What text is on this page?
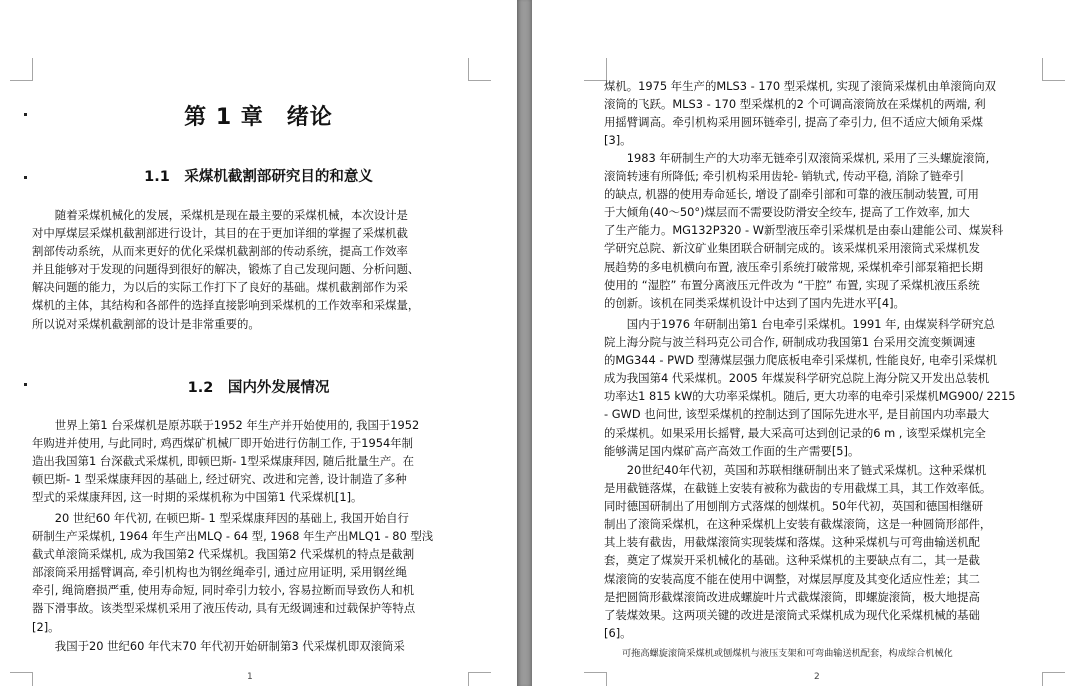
第 1 章　绪论
1.1　采煤机截割部研究目的和意义
随着采煤机械化的发展，采煤机是现在最主要的采煤机械，本次设计是
对中厚煤层采煤机截割部进行设计，其目的在于更加详细的掌握了采煤机截
割部传动系统，从而来更好的优化采煤机截割部的传动系统，提高工作效率
并且能够对于发现的问题得到很好的解决，锻炼了自己发现问题、分析问题、
解决问题的能力，为以后的实际工作打下了良好的基础。煤机截割部作为采
煤机的主体，其结构和各部件的选择直接影响到采煤机的工作效率和采煤量，
所以说对采煤机截割部的设计是非常重要的。
1.2　国内外发展情况
世界上第1 台采煤机是原苏联于1952 年生产并开始使用的, 我国于1952
年购进并使用, 与此同时, 鸡西煤矿机械厂即开始进行仿制工作, 于1954年制
造出我国第1 台深截式采煤机, 即顿巴斯- 1型采煤康拜因, 随后批量生产。在
顿巴斯- 1 型采煤康拜因的基础上, 经过研究、改进和完善, 设计制造了多种
型式的采煤康拜因, 这一时期的采煤机称为中国第1 代采煤机[1]。
20 世纪60 年代初, 在顿巴斯- 1 型采煤康拜因的基础上, 我国开始自行
研制生产采煤机, 1964 年生产出MLQ - 64 型, 1968 年生产出MLQ1 - 80 型浅
截式单滚筒采煤机, 成为我国第2 代采煤机。我国第2 代采煤机的特点是截割
部滚筒采用摇臂调高, 牵引机构也为钢丝绳牵引, 通过应用证明, 采用钢丝绳
牵引, 绳筒磨损严重, 使用寿命短, 同时牵引力较小, 容易拉断而导致伤人和机
器下滑事故。该类型采煤机采用了液压传动, 具有无级调速和过载保护等特点
[2]。
我国于20 世纪60 年代末70 年代初开始研制第3 代采煤机即双滚筒采
1
煤机。1975 年生产的MLS3 - 170 型采煤机, 实现了滚筒采煤机由单滚筒向双
滚筒的飞跃。MLS3 - 170 型采煤机的2 个可调高滚筒放在采煤机的两端, 利
用摇臂调高。牵引机构采用圆环链牵引, 提高了牵引力, 但不适应大倾角采煤
[3]。
1983 年研制生产的大功率无链牵引双滚筒采煤机, 采用了三头螺旋滚筒,
滚筒转速有所降低; 牵引机构采用齿轮- 销轨式, 传动平稳, 消除了链牵引
的缺点, 机器的使用寿命延长, 增设了副牵引部和可靠的液压制动装置, 可用
于大倾角(40～50°)煤层而不需要设防滑安全绞车, 提高了工作效率, 加大
了生产能力。MG132P320 - W新型液压牵引采煤机是由泰山建能公司、煤炭科
学研究总院、新汶矿业集团联合研制完成的。该采煤机采用滚筒式采煤机发
展趋势的多电机横向布置, 液压牵引系统打破常规, 采煤机牵引部泵箱把长期
使用的 “湿腔” 布置分离液压元件改为 “干腔” 布置, 实现了采煤机液压系统
的创新。该机在同类采煤机设计中达到了国内先进水平[4]。
国内于1976 年研制出第1 台电牵引采煤机。1991 年, 由煤炭科学研究总
院上海分院与波兰科玛克公司合作, 研制成功我国第1 台采用交流变频调速
的MG344 - PWD 型薄煤层强力爬底板电牵引采煤机, 性能良好, 电牵引采煤机
成为我国第4 代采煤机。2005 年煤炭科学研究总院上海分院又开发出总装机
功率达1 815 kW的大功率采煤机。随后, 更大功率的电牵引采煤机MG900/ 2215
- GWD 也问世, 该型采煤机的控制达到了国际先进水平, 是目前国内功率最大
的采煤机。如果采用长摇臂, 最大采高可达到创记录的6 m , 该型采煤机完全
能够满足国内煤矿高产高效工作面的生产需要[5]。
20世纪40年代初，英国和苏联相继研制出来了链式采煤机。这种采煤机
是用截链落煤，在截链上安装有被称为截齿的专用截煤工具，其工作效率低。
同时德国研制出了用刨削方式落煤的刨煤机。50年代初，英国和德国相继研
制出了滚筒采煤机，在这种采煤机上安装有截煤滚筒，这是一种圆筒形部件，
其上装有截齿，用截煤滚筒实现装煤和落煤。这种采煤机与可弯曲输送机配
套，奠定了煤炭开采机械化的基础。这种采煤机的主要缺点有二，其一是截
煤滚筒的安装高度不能在使用中调整，对煤层厚度及其变化适应性差；其二
是把圆筒形截煤滚筒改进成螺旋叶片式截煤滚筒，即螺旋滚筒，极大地提高
了装煤效果。这两项关键的改进是滚筒式采煤机成为现代化采煤机械的基础
[6]。
可拖高螺旋滚筒采煤机或刨煤机与液压支架和可弯曲输送机配套，构成综合机械化
2
